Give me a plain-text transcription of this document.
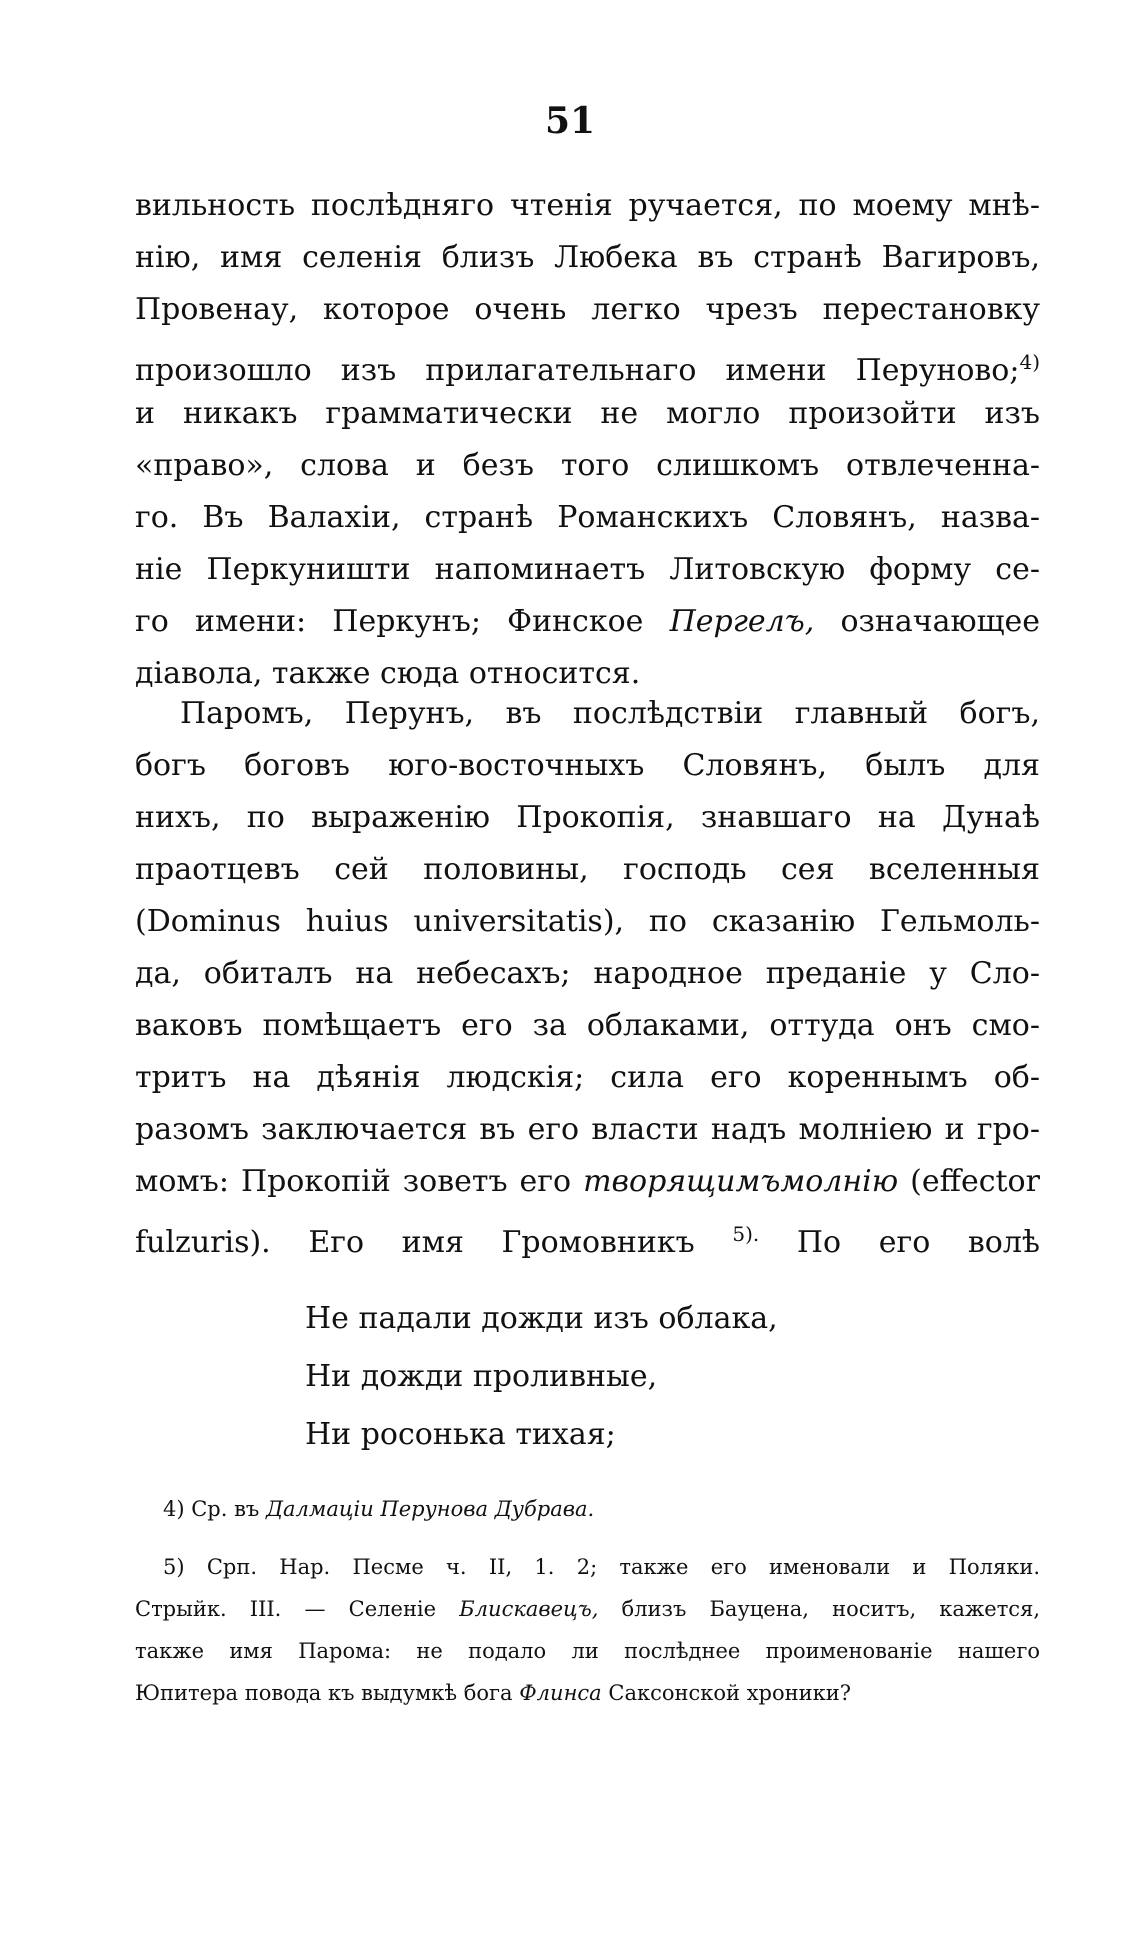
51
вильность послѣдняго чтенія ручается, по моему мнѣ-
нію, имя селенія близъ Любека въ странѣ Вагировъ,
Провенау, которое очень легко чрезъ перестановку
произошло изъ прилагательнаго имени Перуново;$^{4)}$
и никакъ грамматически не могло произойти изъ
«право», слова и безъ того слишкомъ отвлеченна-
го. Въ Валахіи, странѣ Романскихъ Словянъ, назва-
ніе Перкуништи напоминаетъ Литовскую форму се-
го имени: Перкунъ; Финское Пергелъ, означающее
діавола, также сюда относится.
Паромъ, Перунъ, въ послѣдствіи главный богъ,
богъ боговъ юго-восточныхъ Словянъ, былъ для
нихъ, по выраженію Прокопія, знавшаго на Дунаѣ
праотцевъ сей половины, господь сея вселенныя
(Dominus huius universitatis), по сказанію Гельмоль-
да, обиталъ на небесахъ; народное преданіе у Сло-
ваковъ помѣщаетъ его за облаками, оттуда онъ смо-
тритъ на дѣянія людскія; сила его кореннымъ об-
разомъ заключается въ его власти надъ молніею и гро-
момъ: Прокопій зоветъ его творящимъмолнію (effector
fulzuris). Его имя Громовникъ $^{5).}$ По его волѣ
Не падали дожди изъ облака,
Ни дожди проливные,
Ни росонька тихая;
4) Ср. въ Далмаціи Перунова Дубрава.
5) Срп. Нар. Песме ч. II, 1. 2; также его именовали и Поляки.
Стрыйк. III. — Селеніе Блискавецъ, близъ Бауцена, носитъ, кажется,
также имя Парома: не подало ли послѣднее проименованіе нашего
Юпитера повода къ выдумкѣ бога Флинса Саксонской хроники?
